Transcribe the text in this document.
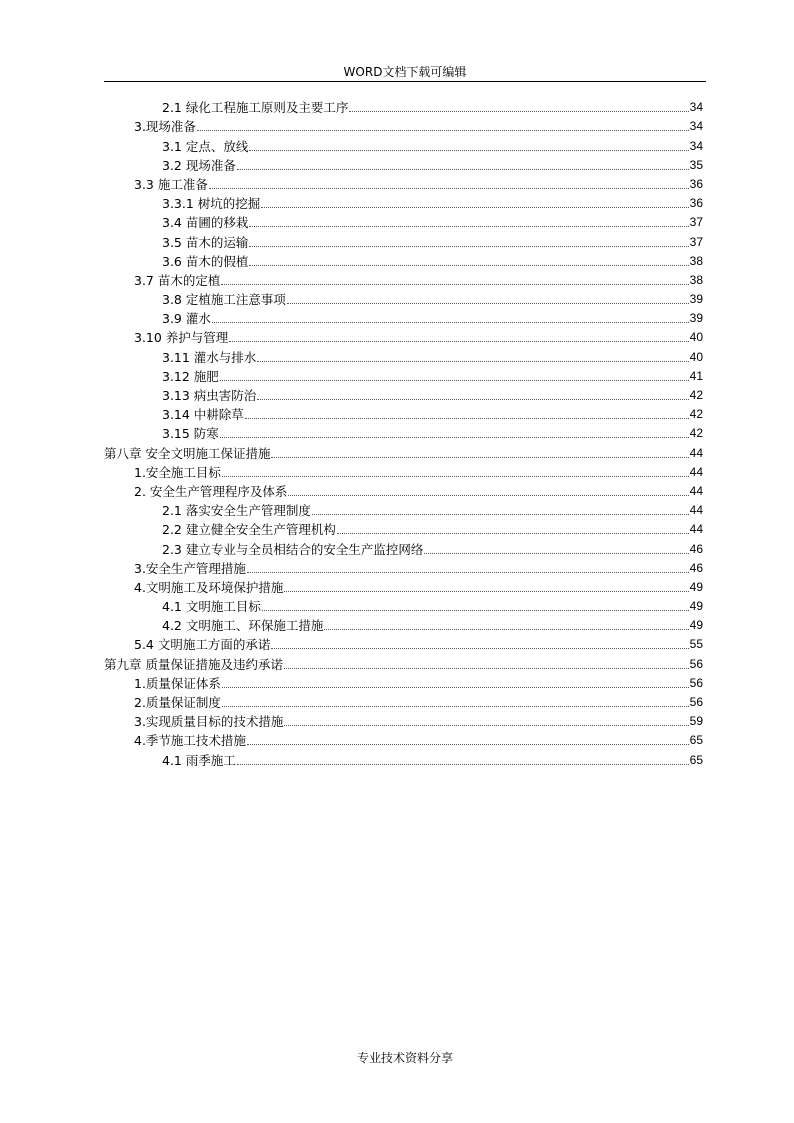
WORD文档下载可编辑
2.1 绿化工程施工原则及主要工序	34
3.现场准备	34
3.1 定点、放线	34
3.2 现场准备	35
3.3 施工准备	36
3.3.1 树坑的挖掘	36
3.4 苗圃的移栽	37
3.5 苗木的运输	37
3.6 苗木的假植	38
3.7 苗木的定植	38
3.8 定植施工注意事项	39
3.9 灌水	39
3.10 养护与管理	40
3.11 灌水与排水	40
3.12 施肥	41
3.13 病虫害防治	42
3.14 中耕除草	42
3.15 防寒	42
第八章 安全文明施工保证措施	44
1.安全施工目标	44
2. 安全生产管理程序及体系	44
2.1 落实安全生产管理制度	44
2.2 建立健全安全生产管理机构	44
2.3 建立专业与全员相结合的安全生产监控网络	46
3.安全生产管理措施	46
4.文明施工及环境保护措施	49
4.1 文明施工目标	49
4.2 文明施工、环保施工措施	49
5.4 文明施工方面的承诺	55
第九章 质量保证措施及违约承诺	56
1.质量保证体系	56
2.质量保证制度	56
3.实现质量目标的技术措施	59
4.季节施工技术措施	65
4.1 雨季施工	65
专业技术资料分享
